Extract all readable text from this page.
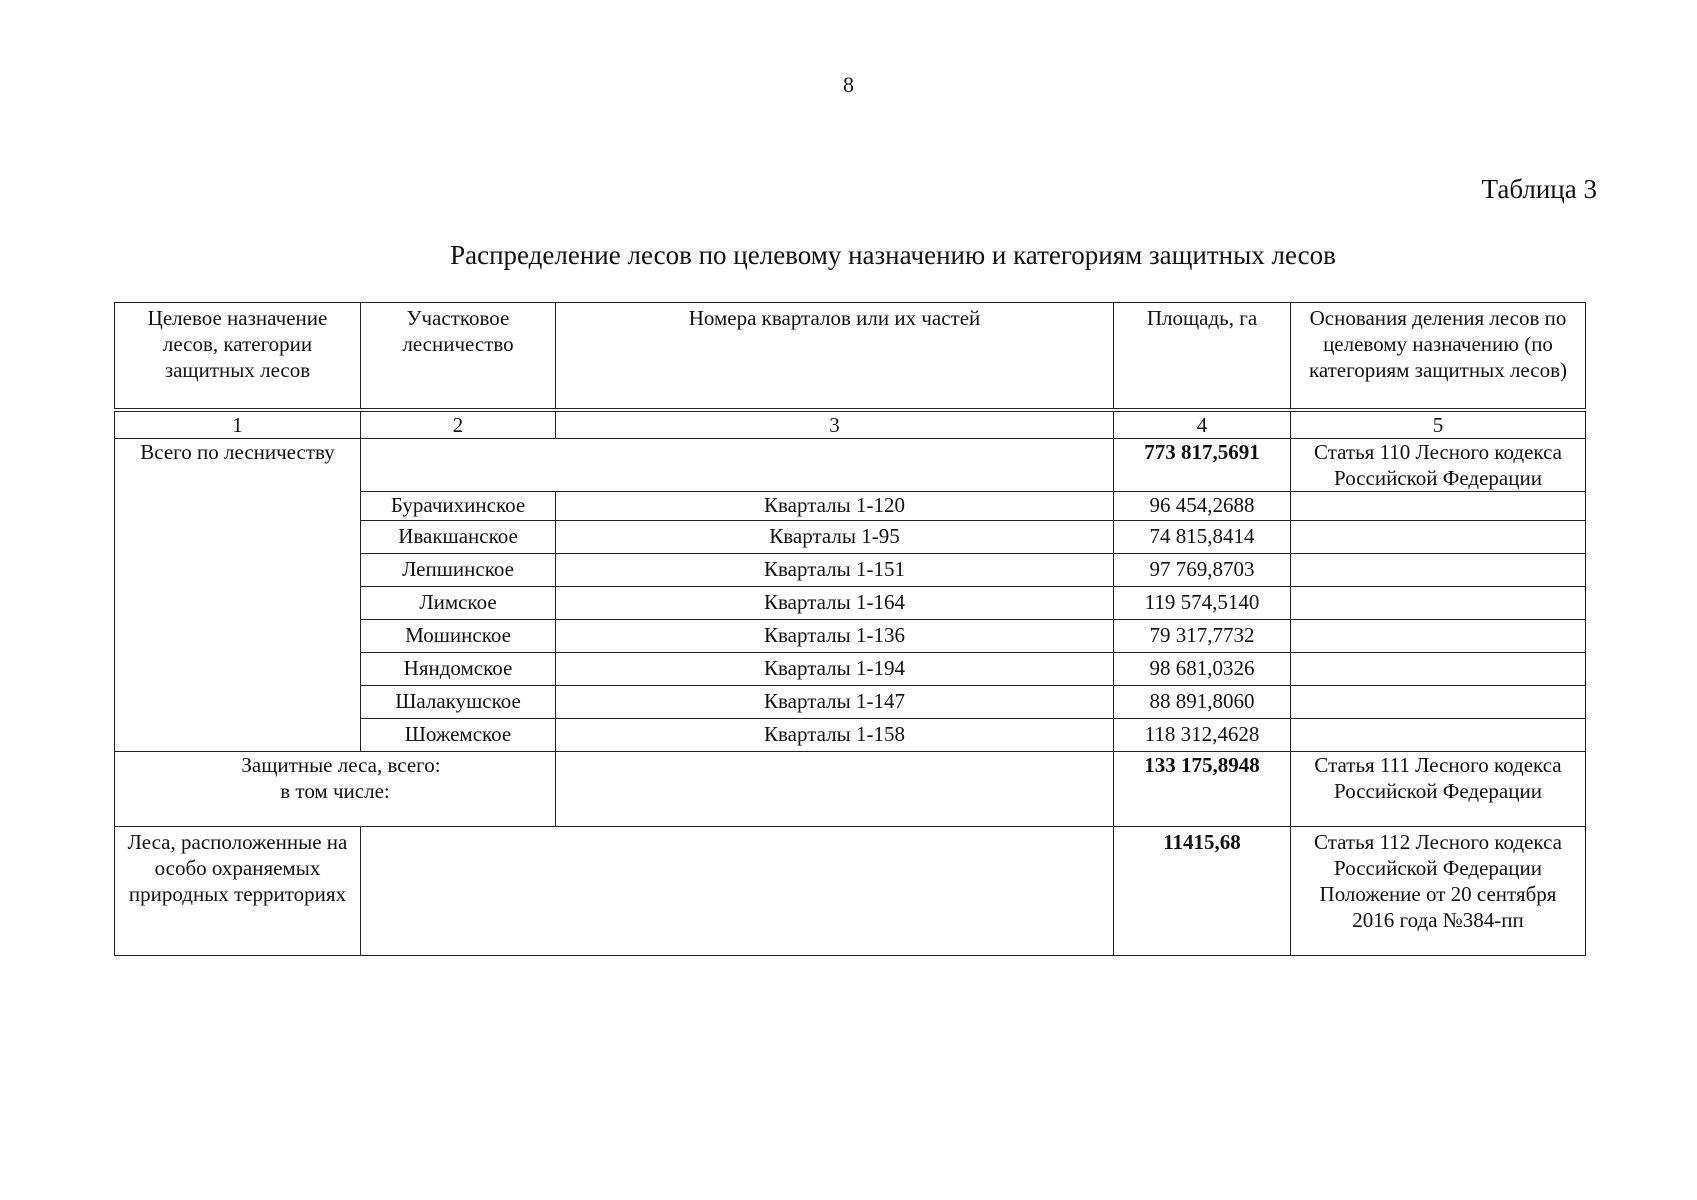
8
Таблица 3
Распределение лесов по целевому назначению и категориям защитных лесов
Целевое назначение лесов, категории защитных лесов	Участковое лесничество	Номера кварталов или их частей	Площадь, га	Основания деления лесов по целевому назначению (по категориям защитных лесов)
1	2	3	4	5
Всего по лесничеству			773 817,5691	Статья 110 Лесного кодекса Российской Федерации
	Бурачихинское	Кварталы 1-120	96 454,2688	
	Ивакшанское	Кварталы 1-95	74 815,8414	
	Лепшинское	Кварталы 1-151	97 769,8703	
	Лимское	Кварталы 1-164	119 574,5140	
	Мошинское	Кварталы 1-136	79 317,7732	
	Няндомское	Кварталы 1-194	98 681,0326	
	Шалакушское	Кварталы 1-147	88 891,8060	
	Шожемское	Кварталы 1-158	118 312,4628	

Защитные леса, всего:
в том числе:			133 175,8948	Статья 111 Лесного кодекса Российской Федерации
Леса, расположенные на особо охраняемых природных территориях			11415,68	Статья 112 Лесного кодекса Российской Федерации Положение от 20 сентября 2016 года №384-пп
